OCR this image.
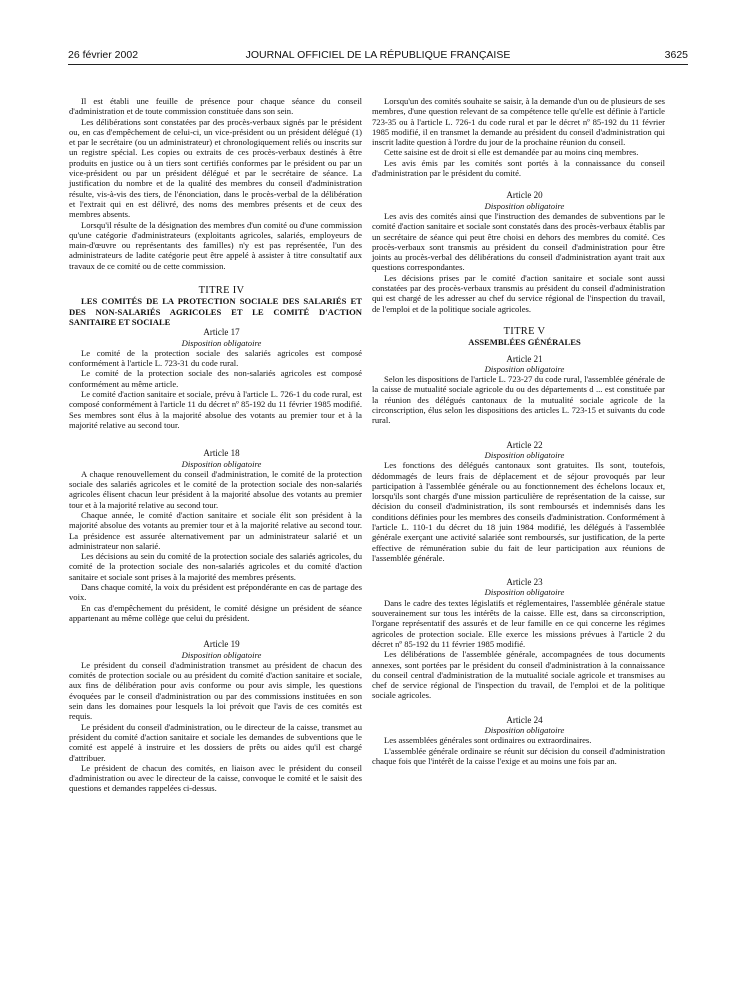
26 février 2002	JOURNAL OFFICIEL DE LA RÉPUBLIQUE FRANÇAISE	3625

Il est établi une feuille de présence pour chaque séance du conseil d'administration et de toute commission constituée dans son sein.

Les délibérations sont constatées par des procès-verbaux signés par le président ou, en cas d'empêchement de celui-ci, un vice-président ou un président délégué (1) et par le secrétaire (ou un administrateur) et chronologiquement reliés ou inscrits sur un registre spécial. Les copies ou extraits de ces procès-verbaux destinés à être produits en justice ou à un tiers sont certifiés conformes par le président ou par un vice-président ou par un président délégué et par le secrétaire de séance. La justification du nombre et de la qualité des membres du conseil d'administration résulte, vis-à-vis des tiers, de l'énonciation, dans le procès-verbal de la délibération et l'extrait qui en est délivré, des noms des membres présents et de ceux des membres absents.

Lorsqu'il résulte de la désignation des membres d'un comité ou d'une commission qu'une catégorie d'administrateurs (exploitants agricoles, salariés, employeurs de main-d'œuvre ou représentants des familles) n'y est pas représentée, l'un des administrateurs de ladite catégorie peut être appelé à assister à titre consultatif aux travaux de ce comité ou de cette commission.

TITRE IV

LES COMITÉS DE LA PROTECTION SOCIALE DES SALARIÉS ET DES NON-SALARIÉS AGRICOLES ET LE COMITÉ D'ACTION SANITAIRE ET SOCIALE

Article 17

Disposition obligatoire

Le comité de la protection sociale des salariés agricoles est composé conformément à l'article L. 723-31 du code rural.

Le comité de la protection sociale des non-salariés agricoles est composé conformément au même article.

Le comité d'action sanitaire et sociale, prévu à l'article L. 726-1 du code rural, est composé conformément à l'article 11 du décret nº 85-192 du 11 février 1985 modifié. Ses membres sont élus à la majorité absolue des votants au premier tour et à la majorité relative au second tour.

Article 18

Disposition obligatoire

A chaque renouvellement du conseil d'administration, le comité de la protection sociale des salariés agricoles et le comité de la protection sociale des non-salariés agricoles élisent chacun leur président à la majorité absolue des votants au premier tour et à la majorité relative au second tour.

Chaque année, le comité d'action sanitaire et sociale élit son président à la majorité absolue des votants au premier tour et à la majorité relative au second tour. La présidence est assurée alternativement par un administrateur salarié et un administrateur non salarié.

Les décisions au sein du comité de la protection sociale des salariés agricoles, du comité de la protection sociale des non-salariés agricoles et du comité d'action sanitaire et sociale sont prises à la majorité des membres présents.

Dans chaque comité, la voix du président est prépondérante en cas de partage des voix.

En cas d'empêchement du président, le comité désigne un président de séance appartenant au même collège que celui du président.

Article 19

Disposition obligatoire

Le président du conseil d'administration transmet au président de chacun des comités de protection sociale ou au président du comité d'action sanitaire et sociale, aux fins de délibération pour avis conforme ou pour avis simple, les questions évoquées par le conseil d'administration ou par des commissions instituées en son sein dans les domaines pour lesquels la loi prévoit que l'avis de ces comités est requis.

Le président du conseil d'administration, ou le directeur de la caisse, transmet au président du comité d'action sanitaire et sociale les demandes de subventions que le comité est appelé à instruire et les dossiers de prêts ou aides qu'il est chargé d'attribuer.

Le président de chacun des comités, en liaison avec le président du conseil d'administration ou avec le directeur de la caisse, convoque le comité et le saisit des questions et demandes rappelées ci-dessus.

Lorsqu'un des comités souhaite se saisir, à la demande d'un ou de plusieurs de ses membres, d'une question relevant de sa compétence telle qu'elle est définie à l'article 723-35 ou à l'article L. 726-1 du code rural et par le décret nº 85-192 du 11 février 1985 modifié, il en transmet la demande au président du conseil d'administration qui inscrit ladite question à l'ordre du jour de la prochaine réunion du conseil.

Cette saisine est de droit si elle est demandée par au moins cinq membres.

Les avis émis par les comités sont portés à la connaissance du conseil d'administration par le président du comité.

Article 20

Disposition obligatoire

Les avis des comités ainsi que l'instruction des demandes de subventions par le comité d'action sanitaire et sociale sont constatés dans des procès-verbaux établis par un secrétaire de séance qui peut être choisi en dehors des membres du comité. Ces procès-verbaux sont transmis au président du conseil d'administration pour être joints au procès-verbal des délibérations du conseil d'administration ayant trait aux questions correspondantes.

Les décisions prises par le comité d'action sanitaire et sociale sont aussi constatées par des procès-verbaux transmis au président du conseil d'administration qui est chargé de les adresser au chef du service régional de l'inspection du travail, de l'emploi et de la politique sociale agricoles.

TITRE V

ASSEMBLÉES GÉNÉRALES

Article 21

Disposition obligatoire

Selon les dispositions de l'article L. 723-27 du code rural, l'assemblée générale de la caisse de mutualité sociale agricole du ou des départements d ... est constituée par la réunion des délégués cantonaux de la mutualité sociale agricole de la circonscription, élus selon les dispositions des articles L. 723-15 et suivants du code rural.

Article 22

Disposition obligatoire

Les fonctions des délégués cantonaux sont gratuites. Ils sont, toutefois, dédommagés de leurs frais de déplacement et de séjour provoqués par leur participation à l'assemblée générale ou au fonctionnement des échelons locaux et, lorsqu'ils sont chargés d'une mission particulière de représentation de la caisse, sur décision du conseil d'administration, ils sont remboursés et indemnisés dans les conditions définies pour les membres des conseils d'administration. Conformément à l'article L. 110-1 du décret du 18 juin 1984 modifié, les délégués à l'assemblée générale exerçant une activité salariée sont remboursés, sur justification, de la perte effective de rémunération subie du fait de leur participation aux réunions de l'assemblée générale.

Article 23

Disposition obligatoire

Dans le cadre des textes législatifs et réglementaires, l'assemblée générale statue souverainement sur tous les intérêts de la caisse. Elle est, dans sa circonscription, l'organe représentatif des assurés et de leur famille en ce qui concerne les régimes agricoles de protection sociale. Elle exerce les missions prévues à l'article 2 du décret nº 85-192 du 11 février 1985 modifié.

Les délibérations de l'assemblée générale, accompagnées de tous documents annexes, sont portées par le président du conseil d'administration à la connaissance du conseil central d'administration de la mutualité sociale agricole et transmises au chef de service régional de l'inspection du travail, de l'emploi et de la politique sociale agricoles.

Article 24

Disposition obligatoire

Les assemblées générales sont ordinaires ou extraordinaires.

L'assemblée générale ordinaire se réunit sur décision du conseil d'administration chaque fois que l'intérêt de la caisse l'exige et au moins une fois par an.
